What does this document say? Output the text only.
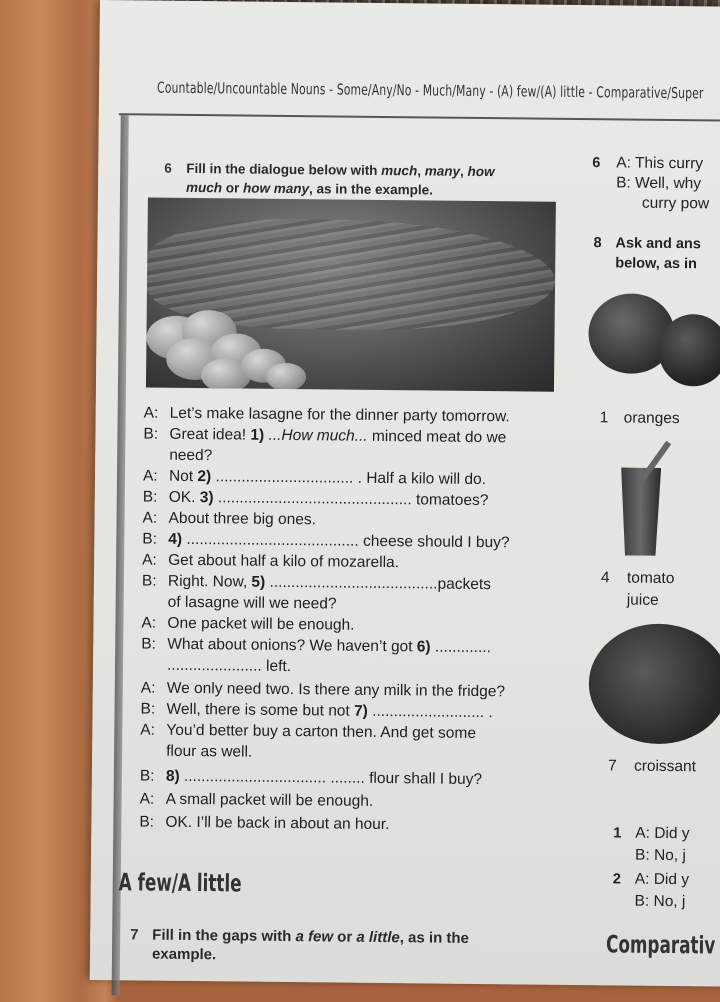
Countable/Uncountable Nouns - Some/Any/No - Much/Many - (A) few/(A) little - Comparative/Super
6 Fill in the dialogue below with much, many, how
much or how many, as in the example.
A: Let’s make lasagne for the dinner party tomorrow.
B: Great idea! 1) ...How much... minced meat do we
need?
A: Not 2) ................................ . Half a kilo will do.
B: OK. 3) ............................................. tomatoes?
A: About three big ones.
B: 4) ........................................ cheese should I buy?
A: Get about half a kilo of mozarella.
B: Right. Now, 5) .......................................packets
of lasagne will we need?
A: One packet will be enough.
B: What about onions? We haven’t got 6) .............
...................... left.
A: We only need two. Is there any milk in the fridge?
B: Well, there is some but not 7) .......................... .
A: You’d better buy a carton then. And get some
flour as well.
B: 8) ................................. ........ flour shall I buy?
A: A small packet will be enough.
B: OK. I’ll be back in about an hour.
A few/A little
7 Fill in the gaps with a few or a little, as in the
example.
6 A: This curry
B: Well, why
curry pow
8 Ask and ans
below, as in
1 oranges
4 tomato
juice
7 croissant
1 A: Did y
B: No, j
2 A: Did y
B: No, j
Comparativ
